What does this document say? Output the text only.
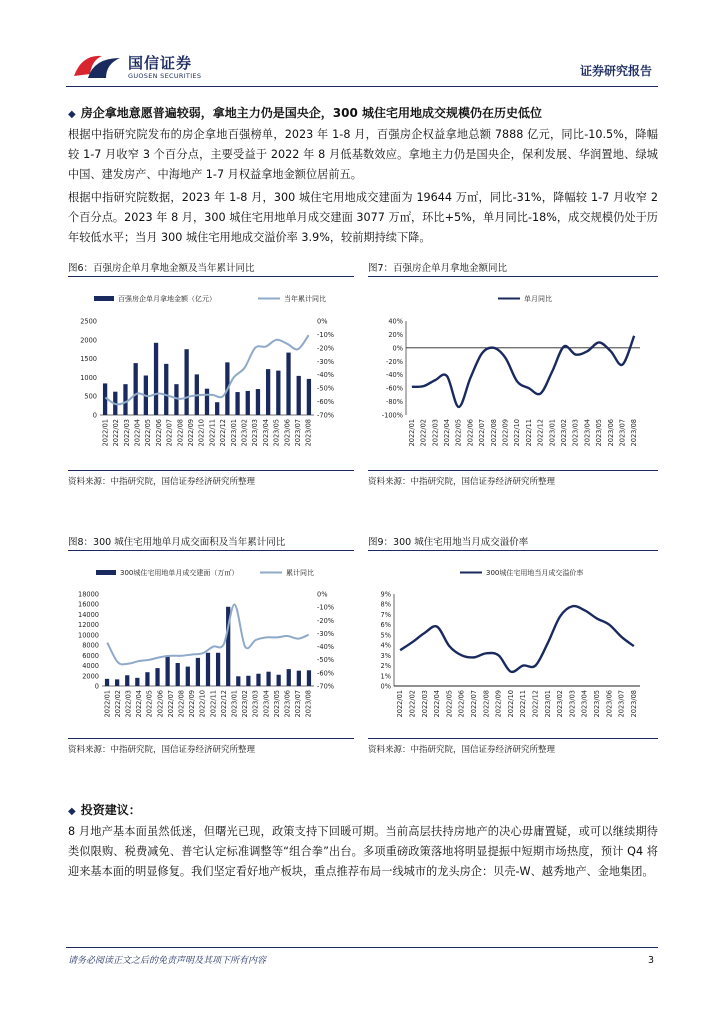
国信证券
GUOSEN SECURITIES	证券研究报告
◆ 房企拿地意愿普遍较弱，拿地主力仍是国央企，300 城住宅用地成交规模仍在历史低位
根据中指研究院发布的房企拿地百强榜单，2023 年 1-8 月，百强房企权益拿地总额 7888 亿元，同比-10.5%，降幅较 1-7 月收窄 3 个百分点，主要受益于 2022 年 8 月低基数效应。拿地主力仍是国央企，保利发展、华润置地、绿城中国、建发房产、中海地产 1-7 月权益拿地金额位居前五。
根据中指研究院数据，2023 年 1-8 月，300 城住宅用地成交建面为 19644 万㎡，同比-31%，降幅较 1-7 月收窄 2 个百分点。2023 年 8 月，300 城住宅用地单月成交建面 3077 万㎡，环比+5%，单月同比-18%，成交规模仍处于历年较低水平；当月 300 城住宅用地成交溢价率 3.9%，较前期持续下降。
图6：百强房企单月拿地金额及当年累计同比	图7：百强房企单月拿地金额同比
百强房企单月拿地金额（亿元）	当年累计同比
0
500
1000
1500
2000
2500	0%
-10%
-20%
-30%
-40%
-50%
-60%
-70%
2022/01 2022/02 2022/03 2022/04 2022/05 2022/06 2022/07 2022/08 2022/09 2022/10 2022/11 2022/12 2023/01 2023/02 2023/03 2023/04 2023/05 2023/06 2023/07 2023/08
单月同比
40%
20%
0%
-20%
-40%
-60%
-80%
-100%
2022/01 2022/02 2022/03 2022/04 2022/05 2022/06 2022/07 2022/08 2022/09 2022/10 2022/11 2022/12 2023/01 2023/02 2023/03 2023/04 2023/05 2023/06 2023/07 2023/08
资料来源：中指研究院，国信证券经济研究所整理	资料来源：中指研究院，国信证券经济研究所整理
图8：300 城住宅用地单月成交面积及当年累计同比	图9：300 城住宅用地当月成交溢价率
300城住宅用地单月成交建面（万㎡）	累计同比
0
2000
4000
6000
8000
10000
12000
14000
16000
18000	0%
-10%
-20%
-30%
-40%
-50%
-60%
-70%
2022/01 2022/02 2022/03 2022/04 2022/05 2022/06 2022/07 2022/08 2022/09 2022/10 2022/11 2022/12 2023/01 2023/02 2023/03 2023/04 2023/05 2023/06 2023/07 2023/08
300城住宅用地当月成交溢价率
9%
8%
7%
6%
5%
4%
3%
2%
1%
0%
2022/01 2022/02 2022/03 2022/04 2022/05 2022/06 2022/07 2022/08 2022/09 2022/10 2022/11 2022/12 2023/01 2023/02 2023/03 2023/04 2023/05 2023/06 2023/07 2023/08
资料来源：中指研究院，国信证券经济研究所整理	资料来源：中指研究院，国信证券经济研究所整理
◆ 投资建议：
8 月地产基本面虽然低迷，但曙光已现，政策支持下回暖可期。当前高层扶持房地产的决心毋庸置疑，或可以继续期待类似限购、税费减免、普宅认定标准调整等“组合拳”出台。多项重磅政策落地将明显提振中短期市场热度，预计 Q4 将迎来基本面的明显修复。我们坚定看好地产板块，重点推荐布局一线城市的龙头房企：贝壳-W、越秀地产、金地集团。
请务必阅读正文之后的免责声明及其项下所有内容	3
